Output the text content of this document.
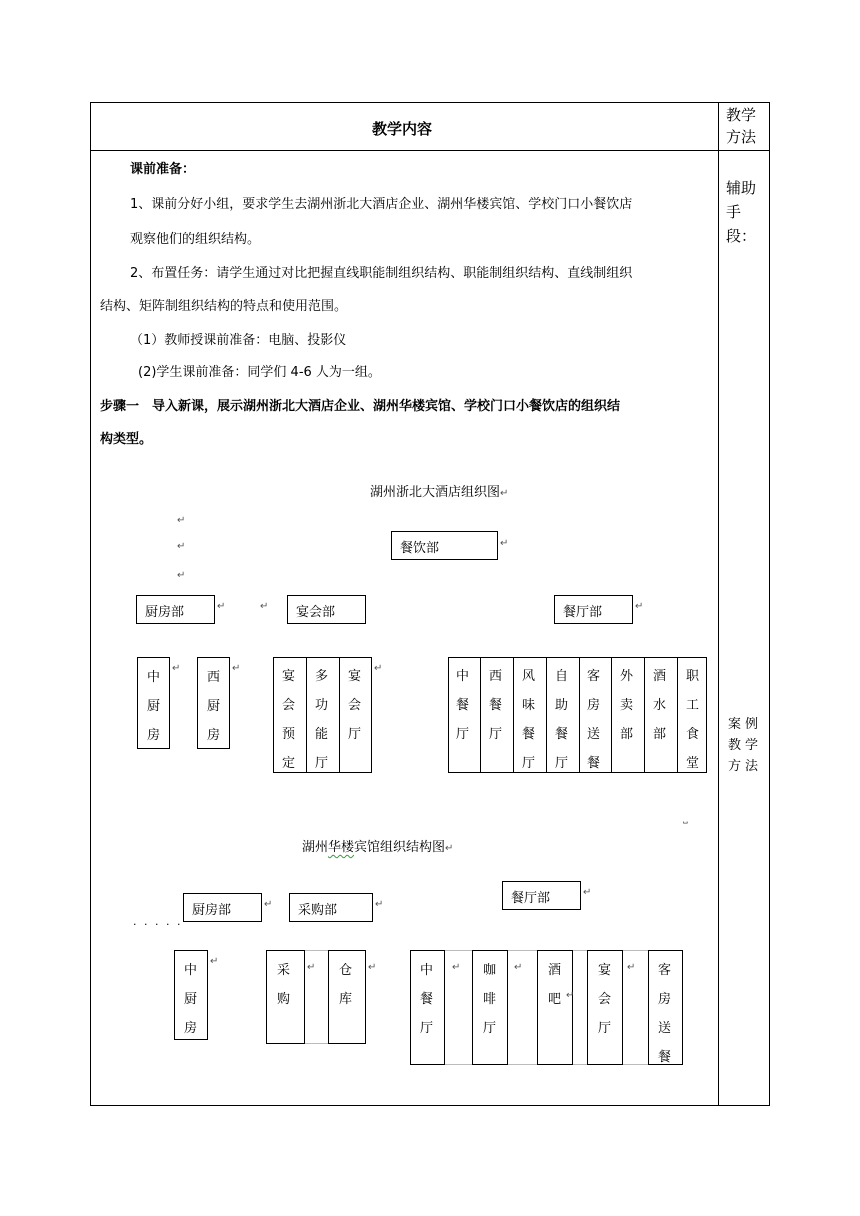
教学内容
教学方法
辅助手段：
案例教学方法
课前准备：
1、课前分好小组，要求学生去湖州浙北大酒店企业、湖州华楼宾馆、学校门口小餐饮店
观察他们的组织结构。
2、布置任务：请学生通过对比把握直线职能制组织结构、职能制组织结构、直线制组织
结构、矩阵制组织结构的特点和使用范围。
（1）教师授课前准备：电脑、投影仪
(2)学生课前准备：同学们 4-6 人为一组。
步骤一　导入新课，展示湖州浙北大酒店企业、湖州华楼宾馆、学校门口小餐饮店的组织结
构类型。
湖州浙北大酒店组织图↵
↵
↵
↵
餐饮部	↵
厨房部	↵	↵ 宴会部	餐厅部	↵
中厨房
↵
西厨房
↵
宴会预定
多功能厅
宴会厅
↵
中餐厅
西餐厅
风味餐厅
自助餐厅
客房送餐
外卖部
酒水部
职工食堂
˽
湖州华楼宾馆组织结构图↵
餐厅部	↵
厨房部	↵ 采购部	↵
· · · · ·
中厨房
↵
采购
↵ 仓库
↵	中餐厅
↵ 咖啡厅
↵ 酒吧 ↵
宴会厅
↵ 客房送餐
